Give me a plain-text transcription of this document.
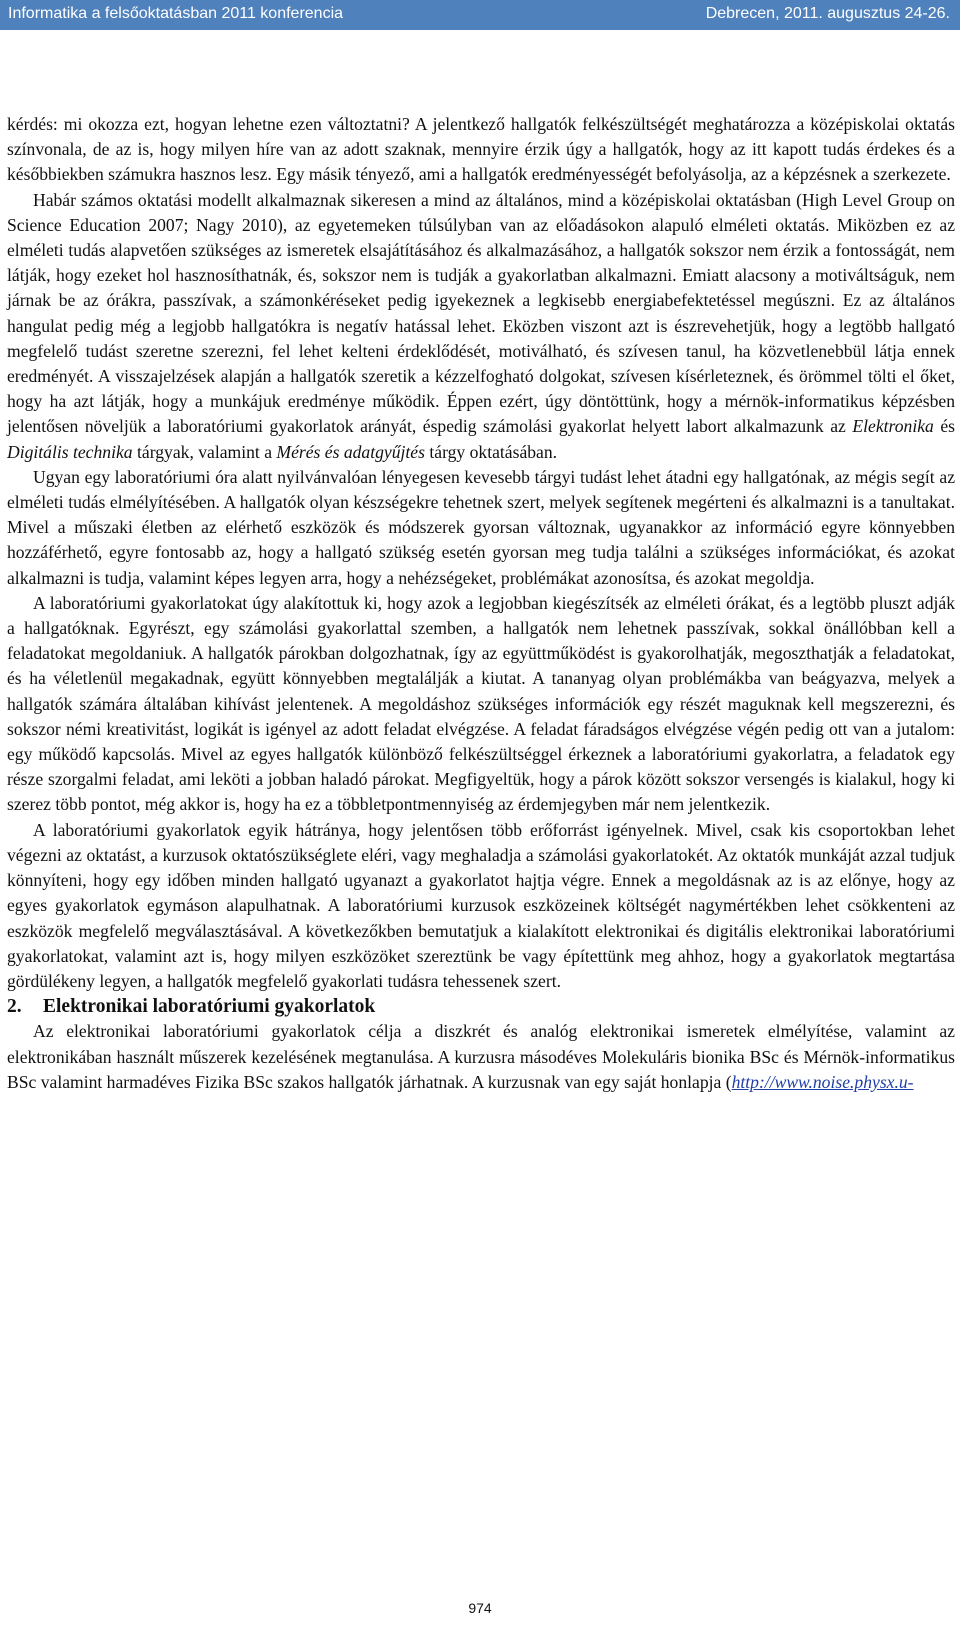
Informatika a felsőoktatásban 2011 konferencia	Debrecen, 2011. augusztus 24-26.

kérdés: mi okozza ezt, hogyan lehetne ezen változtatni? A jelentkező hallgatók felkészültségét meghatározza a középiskolai oktatás színvonala, de az is, hogy milyen híre van az adott szaknak, mennyire érzik úgy a hallgatók, hogy az itt kapott tudás érdekes és a későbbiekben számukra hasznos lesz. Egy másik tényező, ami a hallgatók eredményességét befolyásolja, az a képzésnek a szerkezete.

Habár számos oktatási modellt alkalmaznak sikeresen a mind az általános, mind a középiskolai oktatásban (High Level Group on Science Education 2007; Nagy 2010), az egyetemeken túlsúlyban van az előadásokon alapuló elméleti oktatás. Miközben ez az elméleti tudás alapvetően szükséges az ismeretek elsajátításához és alkalmazásához, a hallgatók sokszor nem érzik a fontosságát, nem látják, hogy ezeket hol hasznosíthatnák, és, sokszor nem is tudják a gyakorlatban alkalmazni. Emiatt alacsony a motiváltságuk, nem járnak be az órákra, passzívak, a számonkéréseket pedig igyekeznek a legkisebb energiabefektetéssel megúszni. Ez az általános hangulat pedig még a legjobb hallgatókra is negatív hatással lehet. Eközben viszont azt is észrevehetjük, hogy a legtöbb hallgató megfelelő tudást szeretne szerezni, fel lehet kelteni érdeklődését, motiválható, és szívesen tanul, ha közvetlenebbül látja ennek eredményét. A visszajelzések alapján a hallgatók szeretik a kézzelfogható dolgokat, szívesen kísérleteznek, és örömmel tölti el őket, hogy ha azt látják, hogy a munkájuk eredménye működik. Éppen ezért, úgy döntöttünk, hogy a mérnök-informatikus képzésben jelentősen növeljük a laboratóriumi gyakorlatok arányát, éspedig számolási gyakorlat helyett labort alkalmazunk az Elektronika és Digitális technika tárgyak, valamint a Mérés és adatgyűjtés tárgy oktatásában.

Ugyan egy laboratóriumi óra alatt nyilvánvalóan lényegesen kevesebb tárgyi tudást lehet átadni egy hallgatónak, az mégis segít az elméleti tudás elmélyítésében. A hallgatók olyan készségekre tehetnek szert, melyek segítenek megérteni és alkalmazni is a tanultakat. Mivel a műszaki életben az elérhető eszközök és módszerek gyorsan változnak, ugyanakkor az információ egyre könnyebben hozzáférhető, egyre fontosabb az, hogy a hallgató szükség esetén gyorsan meg tudja találni a szükséges információkat, és azokat alkalmazni is tudja, valamint képes legyen arra, hogy a nehézségeket, problémákat azonosítsa, és azokat megoldja.

A laboratóriumi gyakorlatokat úgy alakítottuk ki, hogy azok a legjobban kiegészítsék az elméleti órákat, és a legtöbb pluszt adják a hallgatóknak. Egyrészt, egy számolási gyakorlattal szemben, a hallgatók nem lehetnek passzívak, sokkal önállóbban kell a feladatokat megoldaniuk. A hallgatók párokban dolgozhatnak, így az együttműködést is gyakorolhatják, megoszthatják a feladatokat, és ha véletlenül megakadnak, együtt könnyebben megtalálják a kiutat. A tananyag olyan problémákba van beágyazva, melyek a hallgatók számára általában kihívást jelentenek. A megoldáshoz szükséges információk egy részét maguknak kell megszerezni, és sokszor némi kreativitást, logikát is igényel az adott feladat elvégzése. A feladat fáradságos elvégzése végén pedig ott van a jutalom: egy működő kapcsolás. Mivel az egyes hallgatók különböző felkészültséggel érkeznek a laboratóriumi gyakorlatra, a feladatok egy része szorgalmi feladat, ami leköti a jobban haladó párokat. Megfigyeltük, hogy a párok között sokszor versengés is kialakul, hogy ki szerez több pontot, még akkor is, hogy ha ez a többletpontmennyiség az érdemjegyben már nem jelentkezik.

A laboratóriumi gyakorlatok egyik hátránya, hogy jelentősen több erőforrást igényelnek. Mivel, csak kis csoportokban lehet végezni az oktatást, a kurzusok oktatószükséglete eléri, vagy meghaladja a számolási gyakorlatokét. Az oktatók munkáját azzal tudjuk könnyíteni, hogy egy időben minden hallgató ugyanazt a gyakorlatot hajtja végre. Ennek a megoldásnak az is az előnye, hogy az egyes gyakorlatok egymáson alapulhatnak. A laboratóriumi kurzusok eszközeinek költségét nagymértékben lehet csökkenteni az eszközök megfelelő megválasztásával. A következőkben bemutatjuk a kialakított elektronikai és digitális elektronikai laboratóriumi gyakorlatokat, valamint azt is, hogy milyen eszközöket szereztünk be vagy építettünk meg ahhoz, hogy a gyakorlatok megtartása gördülékeny legyen, a hallgatók megfelelő gyakorlati tudásra tehessenek szert.

2. Elektronikai laboratóriumi gyakorlatok

Az elektronikai laboratóriumi gyakorlatok célja a diszkrét és analóg elektronikai ismeretek elmélyítése, valamint az elektronikában használt műszerek kezelésének megtanulása. A kurzusra másodéves Molekuláris bionika BSc és Mérnök-informatikus BSc valamint harmadéves Fizika BSc szakos hallgatók járhatnak. A kurzusnak van egy saját honlapja (http://www.noise.physx.u-

974
